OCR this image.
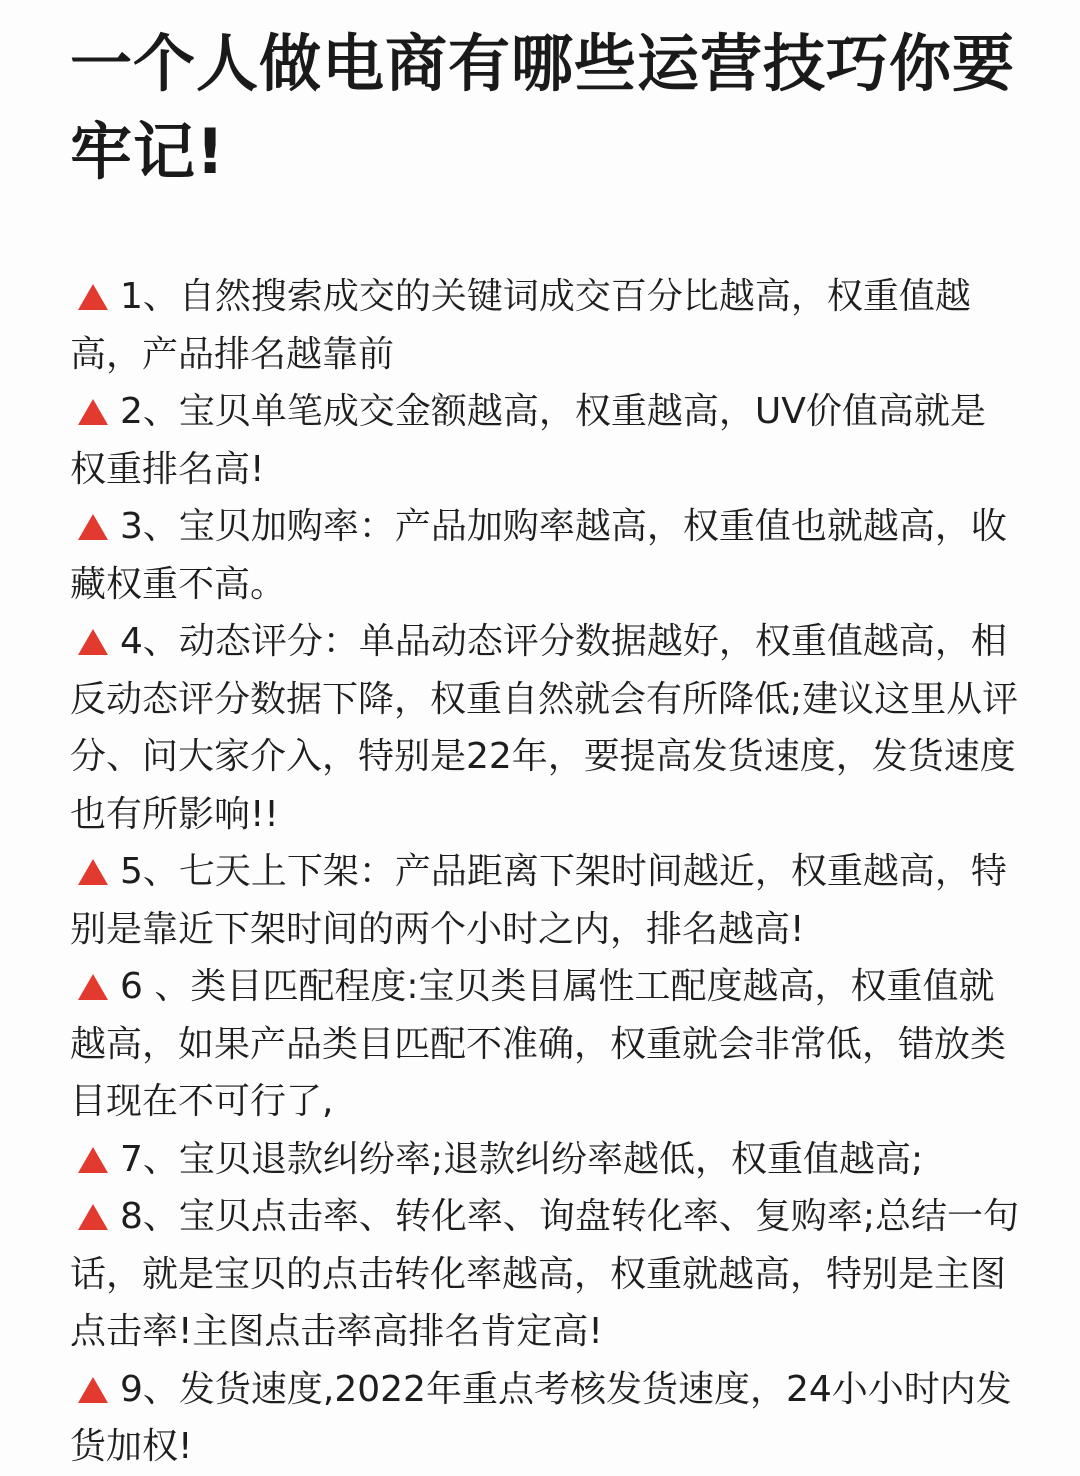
一个人做电商有哪些运营技巧你要牢记!

1、自然搜索成交的关键词成交百分比越高，权重值越高，产品排名越靠前

2、宝贝单笔成交金额越高，权重越高，UV价值高就是权重排名高!

3、宝贝加购率：产品加购率越高，权重值也就越高，收藏权重不高。

4、动态评分：单品动态评分数据越好，权重值越高，相反动态评分数据下降，权重自然就会有所降低;建议这里从评分、问大家介入，特别是22年，要提高发货速度，发货速度也有所影响!!

5、七天上下架：产品距离下架时间越近，权重越高，特别是靠近下架时间的两个小时之内，排名越高!

6 、类目匹配程度:宝贝类目属性工配度越高，权重值就越高，如果产品类目匹配不准确，权重就会非常低，错放类目现在不可行了,

7、宝贝退款纠纷率;退款纠纷率越低，权重值越高;

8、宝贝点击率、转化率、询盘转化率、复购率;总结一句话，就是宝贝的点击转化率越高，权重就越高，特别是主图点击率!主图点击率高排名肯定高!

9、发货速度,2022年重点考核发货速度，24小小时内发货加权!
